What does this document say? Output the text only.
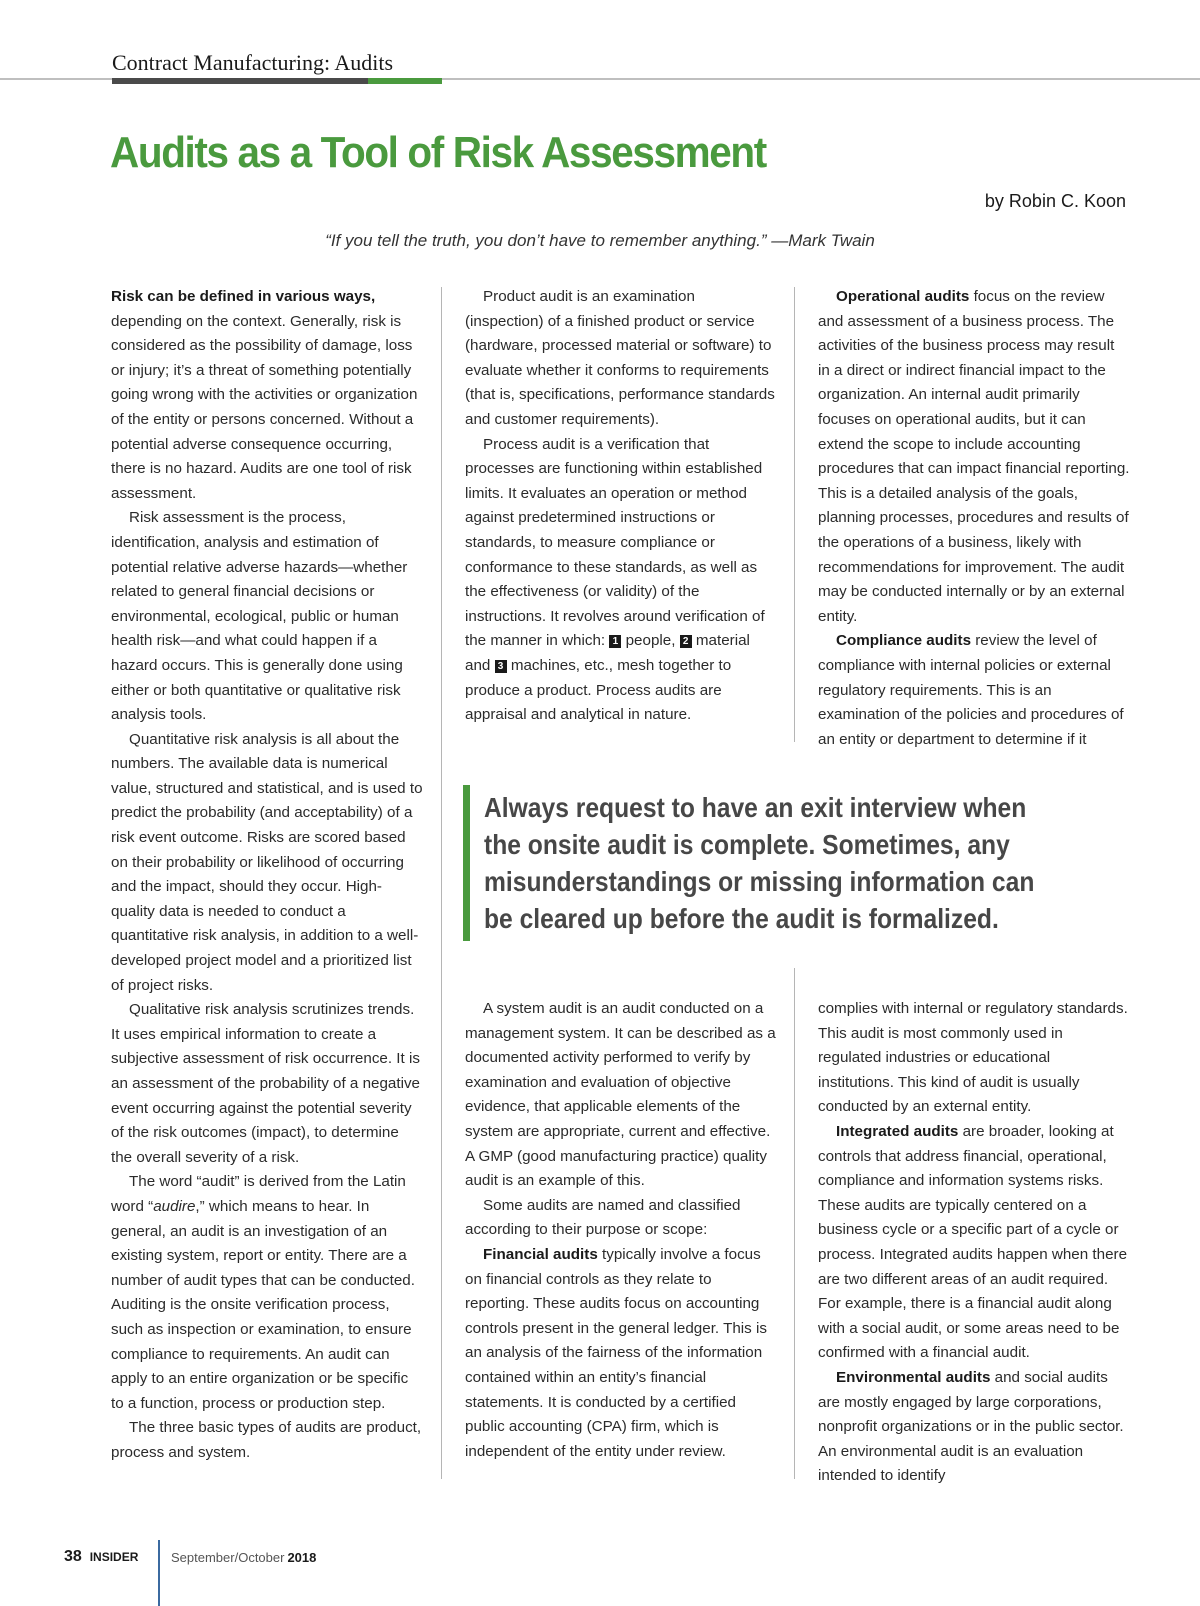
Contract Manufacturing: Audits
Audits as a Tool of Risk Assessment
by Robin C. Koon
“If you tell the truth, you don’t have to remember anything.” —Mark Twain

Risk can be defined in various ways, depending on the context. Generally, risk is considered as the possibility of damage, loss or injury; it’s a threat of something potentially going wrong with the activities or organization of the entity or persons concerned. Without a potential adverse consequence occurring, there is no hazard. Audits are one tool of risk assessment.

Risk assessment is the process, identification, analysis and estimation of potential relative adverse hazards—whether related to general financial decisions or environmental, ecological, public or human health risk—and what could happen if a hazard occurs. This is generally done using either or both quantitative or qualitative risk analysis tools.

Quantitative risk analysis is all about the numbers. The available data is numerical value, structured and statistical, and is used to predict the probability (and acceptability) of a risk event outcome. Risks are scored based on their probability or likelihood of occurring and the impact, should they occur. High-quality data is needed to conduct a quantitative risk analysis, in addition to a well-developed project model and a prioritized list of project risks.

Qualitative risk analysis scrutinizes trends. It uses empirical information to create a subjective assessment of risk occurrence. It is an assessment of the probability of a negative event occurring against the potential severity of the risk outcomes (impact), to determine the overall severity of a risk.

The word “audit” is derived from the Latin word “audire,” which means to hear. In general, an audit is an investigation of an existing system, report or entity. There are a number of audit types that can be conducted. Auditing is the onsite verification process, such as inspection or examination, to ensure compliance to requirements. An audit can apply to an entire organization or be specific to a function, process or production step.

The three basic types of audits are product, process and system.

Product audit is an examination (inspection) of a finished product or service (hardware, processed material or software) to evaluate whether it conforms to requirements (that is, specifications, performance standards and customer requirements).

Process audit is a verification that processes are functioning within established limits. It evaluates an operation or method against predetermined instructions or standards, to measure compliance or conformance to these standards, as well as the effectiveness (or validity) of the instructions. It revolves around verification of the manner in which: 1 people, 2 material and 3 machines, etc., mesh together to produce a product. Process audits are appraisal and analytical in nature.

Operational audits focus on the review and assessment of a business process. The activities of the business process may result in a direct or indirect financial impact to the organization. An internal audit primarily focuses on operational audits, but it can extend the scope to include accounting procedures that can impact financial reporting. This is a detailed analysis of the goals, planning processes, procedures and results of the operations of a business, likely with recommendations for improvement. The audit may be conducted internally or by an external entity.

Compliance audits review the level of compliance with internal policies or external regulatory requirements. This is an examination of the policies and procedures of an entity or department to determine if it

Always request to have an exit interview when the onsite audit is complete. Sometimes, any misunderstandings or missing information can be cleared up before the audit is formalized.

A system audit is an audit conducted on a management system. It can be described as a documented activity performed to verify by examination and evaluation of objective evidence, that applicable elements of the system are appropriate, current and effective. A GMP (good manufacturing practice) quality audit is an example of this.

Some audits are named and classified according to their purpose or scope:

Financial audits typically involve a focus on financial controls as they relate to reporting. These audits focus on accounting controls present in the general ledger. This is an analysis of the fairness of the information contained within an entity’s financial statements. It is conducted by a certified public accounting (CPA) firm, which is independent of the entity under review.

complies with internal or regulatory standards. This audit is most commonly used in regulated industries or educational institutions. This kind of audit is usually conducted by an external entity.

Integrated audits are broader, looking at controls that address financial, operational, compliance and information systems risks. These audits are typically centered on a business cycle or a specific part of a cycle or process. Integrated audits happen when there are two different areas of an audit required. For example, there is a financial audit along with a social audit, or some areas need to be confirmed with a financial audit.

Environmental audits and social audits are mostly engaged by large corporations, nonprofit organizations or in the public sector. An environmental audit is an evaluation intended to identify

38 INSIDER	September/October 2018
